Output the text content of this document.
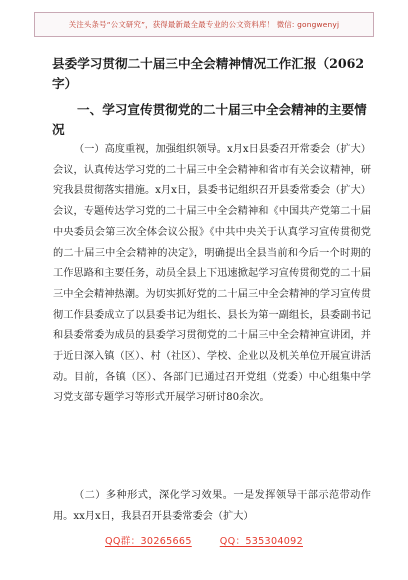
关注头条号“公文研究”，获得最新最全最专业的公文资料库！ 微信: gongwenyj
县委学习贯彻二十届三中全会精神情况工作汇报（2062字）
一、学习宣传贯彻党的二十届三中全会精神的主要情况

（一）高度重视，加强组织领导。x月x日县委召开常委会（扩大）会议，认真传达学习党的二十届三中全会精神和省市有关会议精神，研究我县贯彻落实措施。x月x日，县委书记组织召开县委常委会（扩大）会议，专题传达学习党的二十届三中全会精神和《中国共产党第二十届中央委员会第三次全体会议公报》《中共中央关于认真学习宣传贯彻党的二十届三中全会精神的决定》，明确提出全县当前和今后一个时期的工作思路和主要任务，动员全县上下迅速掀起学习宣传贯彻党的二十届三中全会精神热潮。为切实抓好党的二十届三中全会精神的学习宣传贯彻工作县委成立了以县委书记为组长、县长为第一副组长，县委副书记和县委常委为成员的县委学习贯彻党的二十届三中全会精神宣讲团，并于近日深入镇（区）、村（社区）、学校、企业以及机关单位开展宣讲活动。目前，各镇（区）、各部门已通过召开党组（党委）中心组集中学习党支部专题学习等形式开展学习研讨80余次。

（二）多种形式，深化学习效果。一是发挥领导干部示范带动作用。xx月x日，我县召开县委常委会（扩大）

QQ群：30265665	QQ：535304092
